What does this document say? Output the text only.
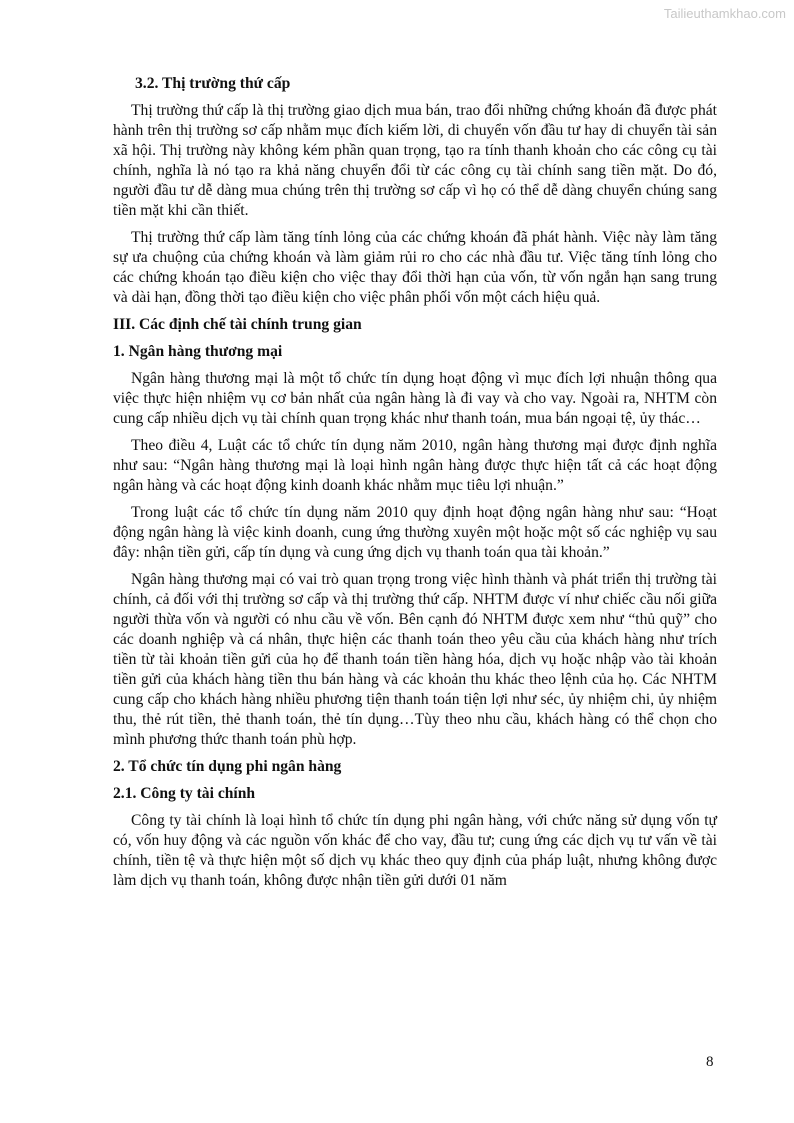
Tailieuthamkhao.com
3.2. Thị trường thứ cấp

Thị trường thứ cấp là thị trường giao dịch mua bán, trao đổi những chứng khoán đã được phát hành trên thị trường sơ cấp nhằm mục đích kiếm lời, di chuyển vốn đầu tư hay di chuyển tài sản xã hội. Thị trường này không kém phần quan trọng, tạo ra tính thanh khoản cho các công cụ tài chính, nghĩa là nó tạo ra khả năng chuyển đổi từ các công cụ tài chính sang tiền mặt. Do đó, người đầu tư dễ dàng mua chúng trên thị trường sơ cấp vì họ có thể dễ dàng chuyển chúng sang tiền mặt khi cần thiết.

Thị trường thứ cấp làm tăng tính lỏng của các chứng khoán đã phát hành. Việc này làm tăng sự ưa chuộng của chứng khoán và làm giảm rủi ro cho các nhà đầu tư. Việc tăng tính lỏng cho các chứng khoán tạo điều kiện cho việc thay đổi thời hạn của vốn, từ vốn ngắn hạn sang trung và dài hạn, đồng thời tạo điều kiện cho việc phân phối vốn một cách hiệu quả.

III. Các định chế tài chính trung gian
1. Ngân hàng thương mại

Ngân hàng thương mại là một tổ chức tín dụng hoạt động vì mục đích lợi nhuận thông qua việc thực hiện nhiệm vụ cơ bản nhất của ngân hàng là đi vay và cho vay. Ngoài ra, NHTM còn cung cấp nhiều dịch vụ tài chính quan trọng khác như thanh toán, mua bán ngoại tệ, ủy thác…

Theo điều 4, Luật các tổ chức tín dụng năm 2010, ngân hàng thương mại được định nghĩa như sau: “Ngân hàng thương mại là loại hình ngân hàng được thực hiện tất cả các hoạt động ngân hàng và các hoạt động kinh doanh khác nhằm mục tiêu lợi nhuận.”

Trong luật các tổ chức tín dụng năm 2010 quy định hoạt động ngân hàng như sau: “Hoạt động ngân hàng là việc kinh doanh, cung ứng thường xuyên một hoặc một số các nghiệp vụ sau đây: nhận tiền gửi, cấp tín dụng và cung ứng dịch vụ thanh toán qua tài khoản.”

Ngân hàng thương mại có vai trò quan trọng trong việc hình thành và phát triển thị trường tài chính, cả đối với thị trường sơ cấp và thị trường thứ cấp. NHTM được ví như chiếc cầu nối giữa người thừa vốn và người có nhu cầu về vốn. Bên cạnh đó NHTM được xem như “thủ quỹ” cho các doanh nghiệp và cá nhân, thực hiện các thanh toán theo yêu cầu của khách hàng như trích tiền từ tài khoản tiền gửi của họ để thanh toán tiền hàng hóa, dịch vụ hoặc nhập vào tài khoản tiền gửi của khách hàng tiền thu bán hàng và các khoản thu khác theo lệnh của họ. Các NHTM cung cấp cho khách hàng nhiều phương tiện thanh toán tiện lợi như séc, ủy nhiệm chi, ủy nhiệm thu, thẻ rút tiền, thẻ thanh toán, thẻ tín dụng…Tùy theo nhu cầu, khách hàng có thể chọn cho mình phương thức thanh toán phù hợp.

2. Tổ chức tín dụng phi ngân hàng
2.1. Công ty tài chính

Công ty tài chính là loại hình tổ chức tín dụng phi ngân hàng, với chức năng sử dụng vốn tự có, vốn huy động và các nguồn vốn khác để cho vay, đầu tư; cung ứng các dịch vụ tư vấn về tài chính, tiền tệ và thực hiện một số dịch vụ khác theo quy định của pháp luật, nhưng không được làm dịch vụ thanh toán, không được nhận tiền gửi dưới 01 năm

8
